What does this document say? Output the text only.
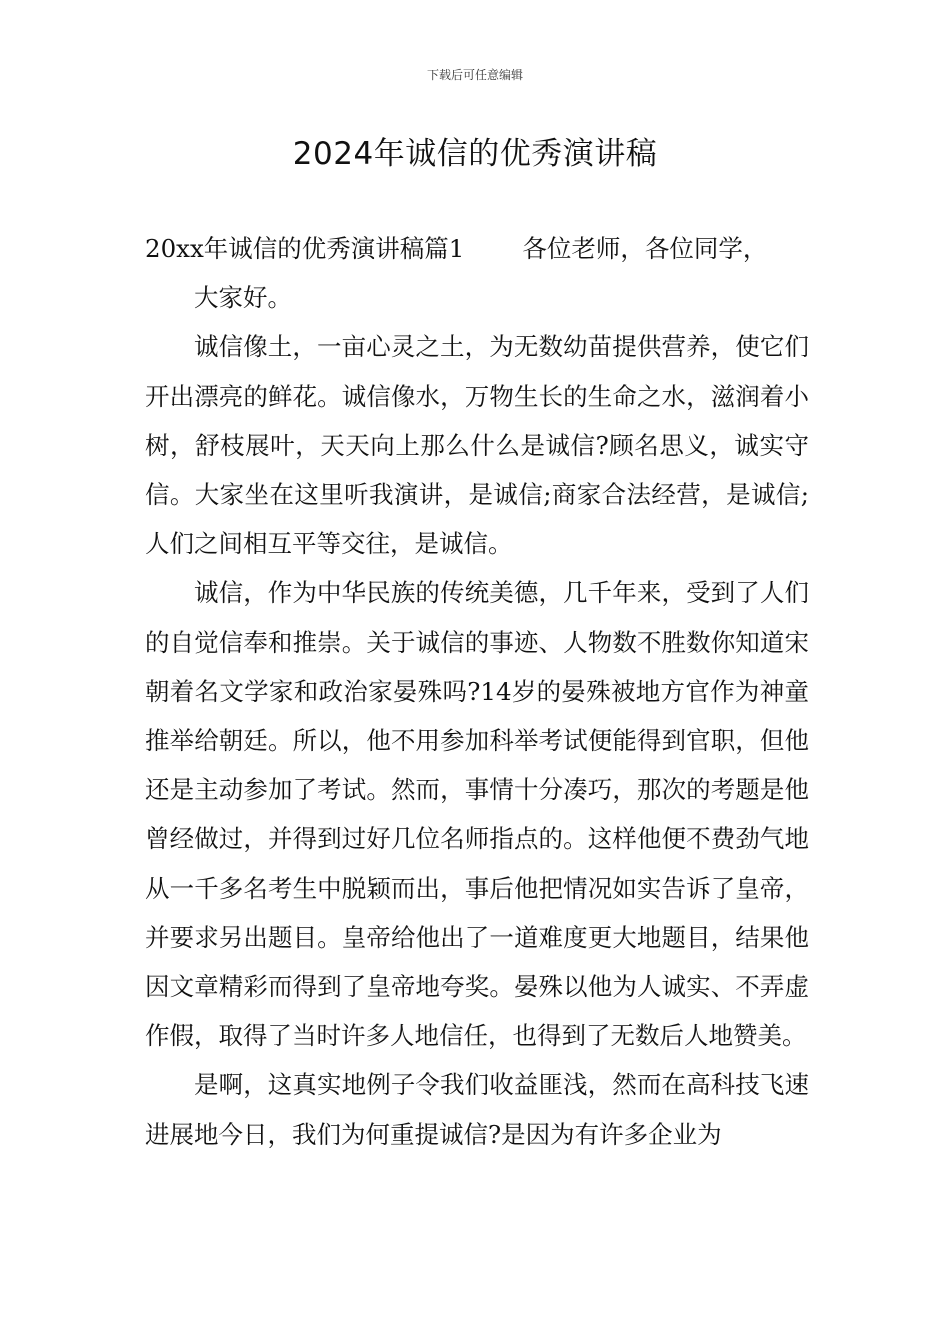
下载后可任意编辑
2024年诚信的优秀演讲稿

20xx年诚信的优秀演讲稿篇1 各位老师，各位同学，

大家好。

诚信像土，一亩心灵之土，为无数幼苗提供营养，使它们开出漂亮的鲜花。诚信像水，万物生长的生命之水，滋润着小树，舒枝展叶，天天向上那么什么是诚信?顾名思义，诚实守信。大家坐在这里听我演讲，是诚信;商家合法经营，是诚信;人们之间相互平等交往，是诚信。

诚信，作为中华民族的传统美德，几千年来，受到了人们的自觉信奉和推崇。关于诚信的事迹、人物数不胜数你知道宋朝着名文学家和政治家晏殊吗?14岁的晏殊被地方官作为神童推举给朝廷。所以，他不用参加科举考试便能得到官职，但他还是主动参加了考试。然而，事情十分凑巧，那次的考题是他曾经做过，并得到过好几位名师指点的。这样他便不费劲气地从一千多名考生中脱颖而出，事后他把情况如实告诉了皇帝，并要求另出题目。皇帝给他出了一道难度更大地题目，结果他因文章精彩而得到了皇帝地夸奖。晏殊以他为人诚实、不弄虚作假，取得了当时许多人地信任，也得到了无数后人地赞美。

是啊，这真实地例子令我们收益匪浅，然而在高科技飞速进展地今日，我们为何重提诚信?是因为有许多企业为
